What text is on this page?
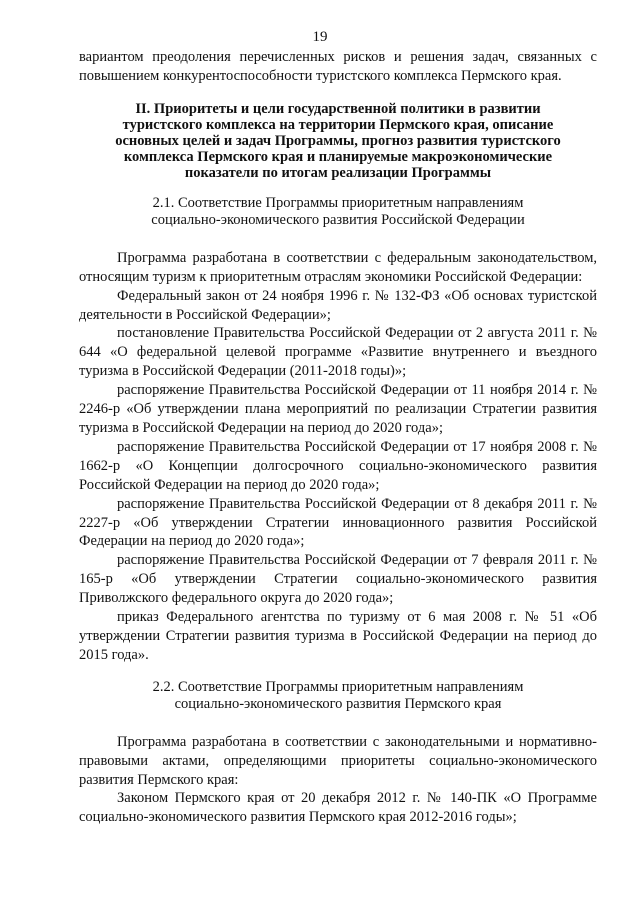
19

вариантом преодоления перечисленных рисков и решения задач, связанных с повышением конкурентоспособности туристского комплекса Пермского края.

II. Приоритеты и цели государственной политики в развитии туристского комплекса на территории Пермского края, описание основных целей и задач Программы, прогноз развития туристского комплекса Пермского края и планируемые макроэкономические показатели по итогам реализации Программы
2.1. Соответствие Программы приоритетным направлениям социально-экономического развития Российской Федерации

Программа разработана в соответствии с федеральным законодательством, относящим туризм к приоритетным отраслям экономики Российской Федерации:

Федеральный закон от 24 ноября 1996 г. № 132-ФЗ «Об основах туристской деятельности в Российской Федерации»;

постановление Правительства Российской Федерации от 2 августа 2011 г. № 644 «О федеральной целевой программе «Развитие внутреннего и въездного туризма в Российской Федерации (2011-2018 годы)»;

распоряжение Правительства Российской Федерации от 11 ноября 2014 г. № 2246-р «Об утверждении плана мероприятий по реализации Стратегии развития туризма в Российской Федерации на период до 2020 года»;

распоряжение Правительства Российской Федерации от 17 ноября 2008 г. № 1662-р «О Концепции долгосрочного социально-экономического развития Российской Федерации на период до 2020 года»;

распоряжение Правительства Российской Федерации от 8 декабря 2011 г. № 2227-р «Об утверждении Стратегии инновационного развития Российской Федерации на период до 2020 года»;

распоряжение Правительства Российской Федерации от 7 февраля 2011 г. № 165-р «Об утверждении Стратегии социально-экономического развития Приволжского федерального округа до 2020 года»;

приказ Федерального агентства по туризму от 6 мая 2008 г. № 51 «Об утверждении Стратегии развития туризма в Российской Федерации на период до 2015 года».

2.2. Соответствие Программы приоритетным направлениям социально-экономического развития Пермского края

Программа разработана в соответствии с законодательными и нормативно-правовыми актами, определяющими приоритеты социально-экономического развития Пермского края:

Законом Пермского края от 20 декабря 2012 г. № 140-ПК «О Программе социально-экономического развития Пермского края 2012-2016 годы»;
